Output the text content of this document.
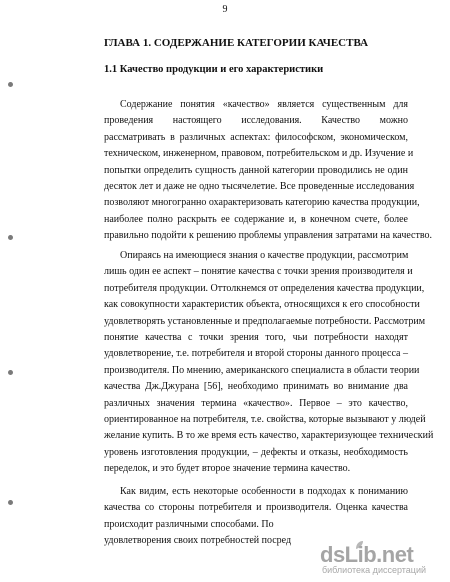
9
ГЛАВА 1. СОДЕРЖАНИЕ КАТЕГОРИИ КАЧЕСТВА
1.1 Качество продукции и его характеристики
Содержание понятия «качество» является существенным для
проведения настоящего исследования. Качество можно
рассматривать в различных аспектах: философском, экономическом,
техническом, инженерном, правовом, потребительском и др. Изучение и
попытки определить сущность данной категории проводились не один
десяток лет и даже не одно тысячелетие. Все проведенные исследования
позволяют многогранно охарактеризовать категорию качества продукции,
наиболее полно раскрыть ее содержание и, в конечном счете, более
правильно подойти к решению проблемы управления затратами на качество.
Опираясь на имеющиеся знания о качестве продукции, рассмотрим
лишь один ее аспект – понятие качества с точки зрения производителя и
потребителя продукции. Оттолкнемся от определения качества продукции,
как совокупности характеристик объекта, относящихся к его способности
удовлетворять установленные и предполагаемые потребности. Рассмотрим
понятие качества с точки зрения того, чьи потребности находят
удовлетворение, т.е. потребителя и второй стороны данного процесса –
производителя. По мнению, американского специалиста в области теории
качества Дж.Джурана [56], необходимо принимать во внимание два
различных значения термина «качество». Первое – это качество,
ориентированное на потребителя, т.е. свойства, которые вызывают у людей
желание купить. В то же время есть качество, характеризующее технический
уровень изготовления продукции, – дефекты и отказы, необходимость
переделок, и это будет второе значение термина качество.
Как видим, есть некоторые особенности в подходах к пониманию
качества со стороны потребителя и производителя. Оценка качества
происходит различными способами. По
удовлетворения своих потребностей посред
dsLib.net
библиотека диссертаций
